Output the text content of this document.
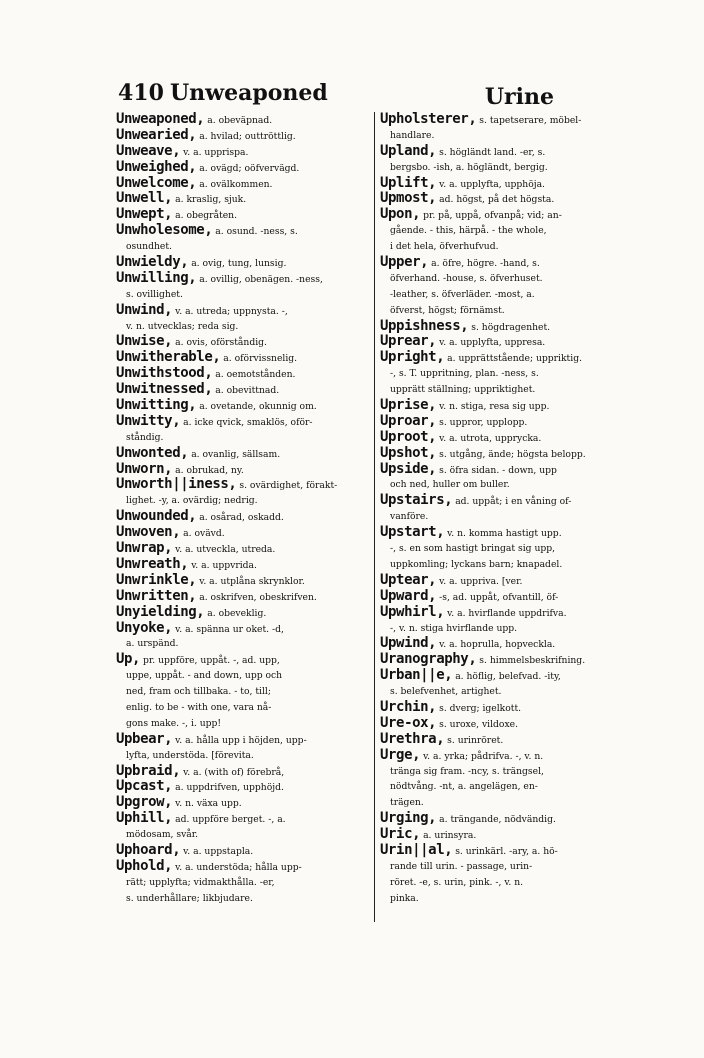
410 Unweaponed	Urine
Unweaponed, a. obeväpnad.
Unwearied, a. hvilad; outtröttlig.
Unweave, v. a. upprispa.
Unweighed, a. ovägd; oöfvervägd.
Unwelcome, a. ovälkommen.
Unwell, a. kraslig, sjuk.
Unwept, a. obegråten.
Unwholesome, a. osund. -ness, s.
osundhet.
Unwieldy, a. ovig, tung, lunsig.
Unwilling, a. ovillig, obenägen. -ness,
s. ovillighet.
Unwind, v. a. utreda; uppnysta. -,
v. n. utvecklas; reda sig.
Unwise, a. ovis, oförståndig.
Unwitherable, a. oförvissnelig.
Unwithstood, a. oemotstånden.
Unwitnessed, a. obevittnad.
Unwitting, a. ovetande, okunnig om.
Unwitty, a. icke qvick, smaklös, oför-
ståndig.
Unwonted, a. ovanlig, sällsam.
Unworn, a. obrukad, ny.
Unworth||iness, s. ovärdighet, förakt-
lighet. -y, a. ovärdig; nedrig.
Unwounded, a. osårad, oskadd.
Unwoven, a. ovävd.
Unwrap, v. a. utveckla, utreda.
Unwreath, v. a. uppvrida.
Unwrinkle, v. a. utplåna skrynklor.
Unwritten, a. oskrifven, obeskrifven.
Unyielding, a. obeveklig.
Unyoke, v. a. spänna ur oket. -d,
a. urspänd.
Up, pr. uppföre, uppåt. -, ad. upp,
uppe, uppåt. - and down, upp och
ned, fram och tillbaka. - to, till;
enlig. to be - with one, vara nå-
gons make. -, i. upp!
Upbear, v. a. hålla upp i höjden, upp-
lyfta, understöda. [förevita.
Upbraid, v. a. (with of) förebrå,
Upcast, a. uppdrifven, upphöjd.
Upgrow, v. n. växa upp.
Uphill, ad. uppföre berget. -, a.
mödosam, svår.
Uphoard, v. a. uppstapla.
Uphold, v. a. understöda; hålla upp-
rätt; upplyfta; vidmakthålla. -er,
s. underhållare; likbjudare.
Upholsterer, s. tapetserare, möbel-
handlare.
Upland, s. högländt land. -er, s.
bergsbo. -ish, a. högländt, bergig.
Uplift, v. a. upplyfta, upphöja.
Upmost, ad. högst, på det högsta.
Upon, pr. på, uppå, ofvanpå; vid; an-
gående. - this, härpå. - the whole,
i det hela, öfverhufvud.
Upper, a. öfre, högre. -hand, s.
öfverhand. -house, s. öfverhuset.
-leather, s. öfverläder. -most, a.
öfverst, högst; förnämst.
Uppishness, s. högdragenhet.
Uprear, v. a. upplyfta, uppresa.
Upright, a. upprättstående; uppriktig.
-, s. T. uppritning, plan. -ness, s.
upprätt ställning; uppriktighet.
Uprise, v. n. stiga, resa sig upp.
Uproar, s. uppror, upplopp.
Uproot, v. a. utrota, upprycka.
Upshot, s. utgång, ände; högsta belopp.
Upside, s. öfra sidan. - down, upp
och ned, huller om buller.
Upstairs, ad. uppåt; i en våning of-
vanföre.
Upstart, v. n. komma hastigt upp.
-, s. en som hastigt bringat sig upp,
uppkomling; lyckans barn; knapadel.
Uptear, v. a. uppriva. [ver.
Upward, -s, ad. uppåt, ofvantill, öf-
Upwhirl, v. a. hvirflande uppdrifva.
-, v. n. stiga hvirflande upp.
Upwind, v. a. hoprulla, hopveckla.
Uranography, s. himmelsbeskrifning.
Urban||e, a. höflig, belefvad. -ity,
s. belefvenhet, artighet.
Urchin, s. dverg; igelkott.
Ure-ox, s. uroxe, vildoxe.
Urethra, s. urinröret.
Urge, v. a. yrka; pådrifva. -, v. n.
tränga sig fram. -ncy, s. trängsel,
nödtvång. -nt, a. angelägen, en-
trägen.
Urging, a. trängande, nödvändig.
Uric, a. urinsyra.
Urin||al, s. urinkärl. -ary, a. hö-
rande till urin. - passage, urin-
röret. -e, s. urin, pink. -, v. n.
pinka.
